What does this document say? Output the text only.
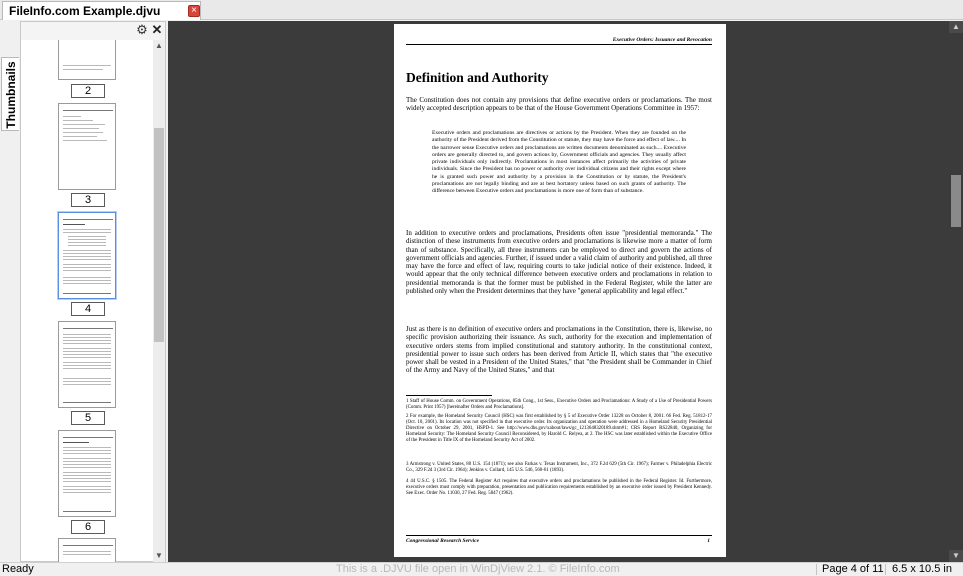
FileInfo.com Example.djvu	×
Thumbnails
⚙ ✕
2
3
4
5
6
▲
▼
Executive Orders: Issuance and Revocation
Definition and Authority
The Constitution does not contain any provisions that define executive orders or proclamations. The most widely accepted description appears to be that of the House Government Operations Committee in 1957:
Executive orders and proclamations are directives or actions by the President. When they are founded on the authority of the President derived from the Constitution or statute, they may have the force and effect of law.... In the narrower sense Executive orders and proclamations are written documents denominated as such.... Executive orders are generally directed to, and govern actions by, Government officials and agencies. They usually affect private individuals only indirectly. Proclamations in most instances affect primarily the activities of private individuals. Since the President has no power or authority over individual citizens and their rights except where he is granted such power and authority by a provision in the Constitution or by statute, the President's proclamations are not legally binding and are at best hortatory unless based on such grants of authority. The difference between Executive orders and proclamations is more one of form than of substance.
In addition to executive orders and proclamations, Presidents often issue "presidential memoranda." The distinction of these instruments from executive orders and proclamations is likewise more a matter of form than of substance. Specifically, all three instruments can be employed to direct and govern the actions of government officials and agencies. Further, if issued under a valid claim of authority and published, all three may have the force and effect of law, requiring courts to take judicial notice of their existence. Indeed, it would appear that the only technical difference between executive orders and proclamations in relation to presidential memoranda is that the former must be published in the Federal Register, while the latter are published only when the President determines that they have "general applicability and legal effect."
Just as there is no definition of executive orders and proclamations in the Constitution, there is, likewise, no specific provision authorizing their issuance. As such, authority for the execution and implementation of executive orders stems from implied constitutional and statutory authority. In the constitutional context, presidential power to issue such orders has been derived from Article II, which states that "the executive power shall be vested in a President of the United States," that "the President shall be Commander in Chief of the Army and Navy of the United States," and that
1 Staff of House Comm. on Government Operations, 85th Cong., 1st Sess., Executive Orders and Proclamations: A Study of a Use of Presidential Powers (Comm. Print 1957) [hereinafter Orders and Proclamations].
2 For example, the Homeland Security Council (HSC) was first established by § 5 of Executive Order 13228 on October 8, 2001. 66 Fed. Reg. 51812-17 (Oct. 10, 2001). Its location was not specified in that executive order. Its organization and operation were addressed in a Homeland Security Presidential Directive on October 29, 2001, HSPD-1. See http://www.dhs.gov/xabout/laws/gc_1213648320189.shtm#1; CRS Report RS22840, Organizing for Homeland Security: The Homeland Security Council Reconsidered, by Harold C. Relyea, at 2. The HSC was later established within the Executive Office of the President in Title IX of the Homeland Security Act of 2002.
3 Armstrong v. United States, 80 U.S. 154 (1871); see also Farkas v. Texas Instrument, Inc., 372 F.2d 629 (5th Cir. 1967); Farmer v. Philadelphia Electric Co., 329 F.2d 3 (3rd Cir. 1964); Jenkins v. Collard, 145 U.S. 546, 560-61 (1893).
4 44 U.S.C. § 1505. The Federal Register Act requires that executive orders and proclamations be published in the Federal Register. Id. Furthermore, executive orders must comply with preparation, presentation and publication requirements established by an executive order issued by President Kennedy. See Exec. Order No. 11030, 27 Fed. Reg. 5847 (1962).
Congressional Research Service	1
▲
▼
Ready	This is a .DJVU file open in WinDjView 2.1. © FileInfo.com	Page 4 of 11 6.5 x 10.5 in
